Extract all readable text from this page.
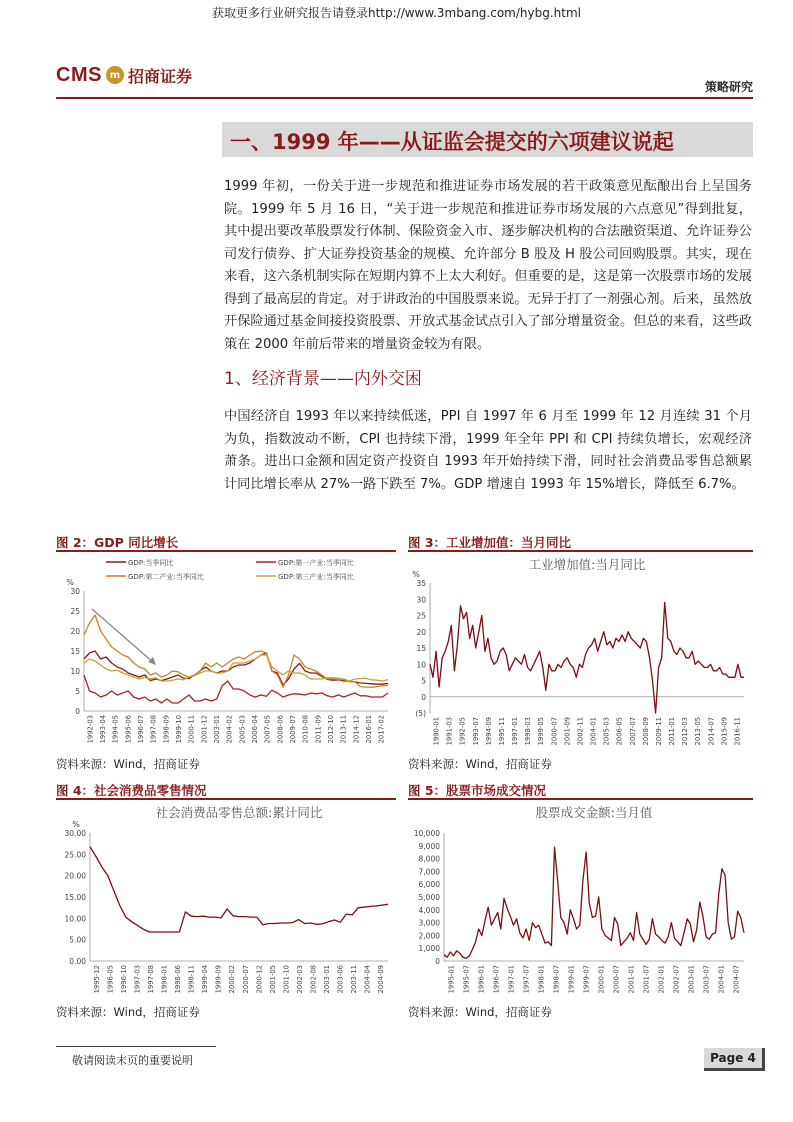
获取更多行业研究报告请登录http://www.3mbang.com/hybg.html
CMS m 招商证券
策略研究
一、1999 年——从证监会提交的六项建议说起
1999 年初，一份关于进一步规范和推进证券市场发展的若干政策意见酝酿出台上呈国务院。1999 年 5 月 16 日，“关于进一步规范和推进证券市场发展的六点意见”得到批复，其中提出要改革股票发行体制、保险资金入市、逐步解决机构的合法融资渠道、允许证券公司发行债券、扩大证券投资基金的规模、允许部分 B 股及 H 股公司回购股票。其实，现在来看，这六条机制实际在短期内算不上太大利好。但重要的是，这是第一次股票市场的发展得到了最高层的肯定。对于讲政治的中国股票来说。无异于打了一剂强心剂。后来，虽然放开保险通过基金间接投资股票、开放式基金试点引入了部分增量资金。但总的来看，这些政策在 2000 年前后带来的增量资金较为有限。
1、经济背景——内外交困
中国经济自 1993 年以来持续低迷，PPI 自 1997 年 6 月至 1999 年 12 月连续 31 个月为负，指数波动不断，CPI 也持续下滑，1999 年全年 PPI 和 CPI 持续负增长，宏观经济萧条。进出口金额和固定资产投资自 1993 年开始持续下滑，同时社会消费品零售总额累计同比增长率从 27%一路下跌至 7%。GDP 增速自 1993 年 15%增长，降低至 6.7%。
图 2：GDP 同比增长
%
0
5
10
15
20
25
30
1992-03 1993-04 1994-05 1995-06 1996-07 1997-08 1998-09 1999-10 2000-11 2001-12 2003-01 2004-02 2005-03 2006-04 2007-05 2008-06 2009-07 2010-08 2011-09 2012-10 2013-11 2014-12 2016-01 2017-02
GDP:当季同比	GDP:第一产业:当季同比
GDP:第二产业:当季同比	GDP:第三产业:当季同比
资料来源：Wind，招商证券
图 3：工业增加值：当月同比
工业增加值:当月同比
%
(5)
0
5
10
15
20
25
30
35
1990-01 1991-03 1992-05 1993-07 1994-09 1995-11 1997-01 1998-03 1999-05 2000-07 2001-09 2002-11 2004-01 2005-03 2006-05 2007-07 2008-09 2009-11 2011-01 2012-03 2013-05 2014-07 2015-09 2016-11
资料来源：Wind，招商证券
图 4：社会消费品零售情况
社会消费品零售总额:累计同比
%
0.00
5.00
10.00
15.00
20.00
25.00
30.00
1995-12 1996-05 1996-10 1997-03 1997-08 1998-01 1998-06 1998-11 1999-04 1999-09 2000-02 2000-07 2000-12 2001-05 2001-10 2002-03 2002-08 2003-01 2003-06 2003-11 2004-04 2004-09
资料来源：Wind，招商证券
图 5：股票市场成交情况
股票成交金额:当月值
0
1,000
2,000
3,000
4,000
5,000
6,000
7,000
8,000
9,000
10,000
1995-01 1995-07 1996-01 1996-07 1997-01 1997-07 1998-01 1998-07 1999-01 1999-07 2000-01 2000-07 2001-01 2001-07 2002-01 2002-07 2003-01 2003-07 2004-01 2004-07
资料来源：Wind，招商证券
敬请阅读末页的重要说明	Page 4
